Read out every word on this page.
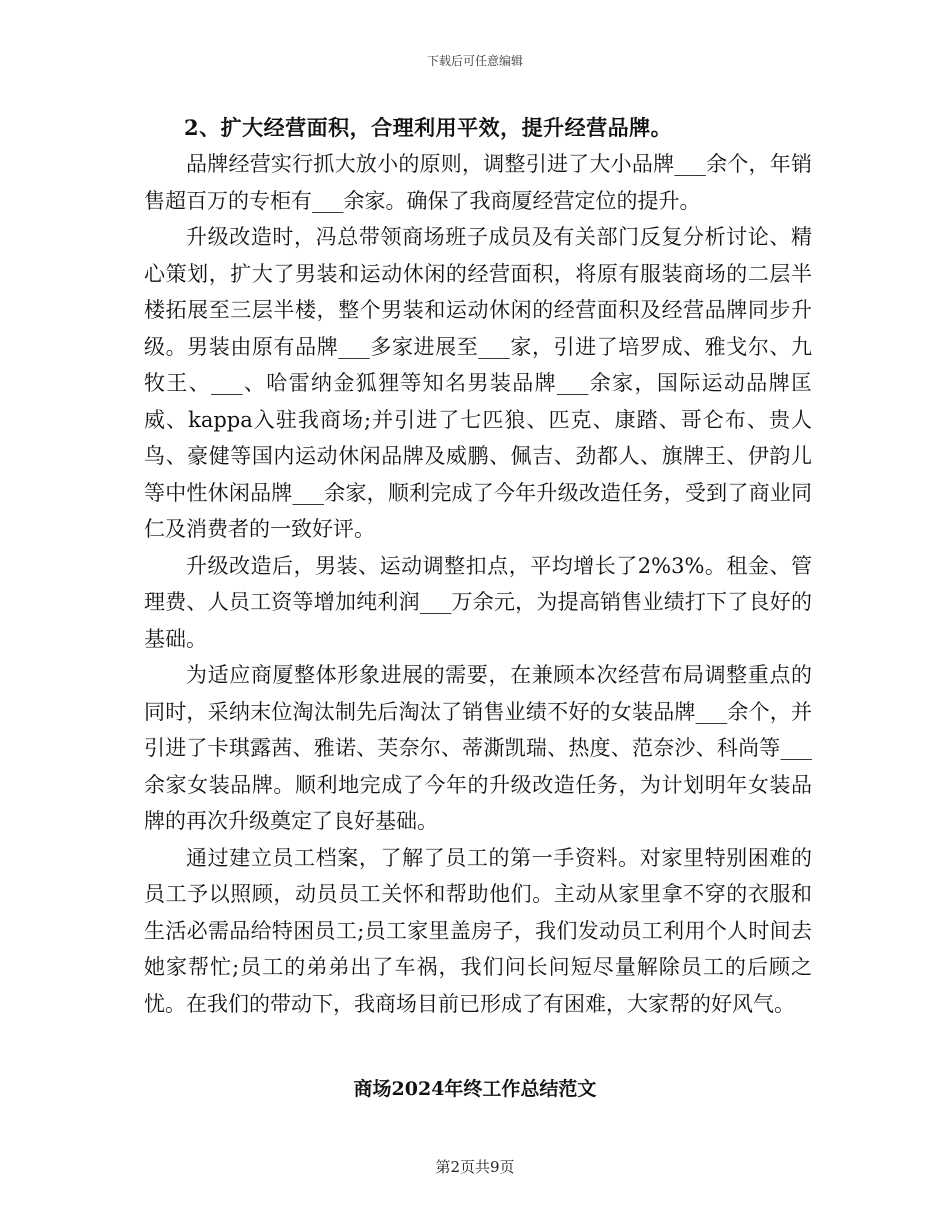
下载后可任意编辑

2、扩大经营面积，合理利用平效，提升经营品牌。

品牌经营实行抓大放小的原则，调整引进了大小品牌___余个，年销售超百万的专柜有___余家。确保了我商厦经营定位的提升。

升级改造时，冯总带领商场班子成员及有关部门反复分析讨论、精心策划，扩大了男装和运动休闲的经营面积，将原有服装商场的二层半楼拓展至三层半楼，整个男装和运动休闲的经营面积及经营品牌同步升级。男装由原有品牌___多家进展至___家，引进了培罗成、雅戈尔、九牧王、___、哈雷纳金狐狸等知名男装品牌___余家，国际运动品牌匡威、kappa入驻我商场;并引进了七匹狼、匹克、康踏、哥仑布、贵人鸟、豪健等国内运动休闲品牌及威鹏、佩吉、劲都人、旗牌王、伊韵儿等中性休闲品牌___余家，顺利完成了今年升级改造任务，受到了商业同仁及消费者的一致好评。

升级改造后，男装、运动调整扣点，平均增长了2%3%。租金、管理费、人员工资等增加纯利润___万余元，为提高销售业绩打下了良好的基础。

为适应商厦整体形象进展的需要，在兼顾本次经营布局调整重点的同时，采纳末位淘汰制先后淘汰了销售业绩不好的女装品牌___余个，并引进了卡琪露茜、雅诺、芙奈尔、蒂澌凯瑞、热度、范奈沙、科尚等___余家女装品牌。顺利地完成了今年的升级改造任务，为计划明年女装品牌的再次升级奠定了良好基础。

通过建立员工档案，了解了员工的第一手资料。对家里特别困难的员工予以照顾，动员员工关怀和帮助他们。主动从家里拿不穿的衣服和生活必需品给特困员工;员工家里盖房子，我们发动员工利用个人时间去她家帮忙;员工的弟弟出了车祸，我们问长问短尽量解除员工的后顾之忧。在我们的带动下，我商场目前已形成了有困难，大家帮的好风气。

商场2024年终工作总结范文
第2页共9页
